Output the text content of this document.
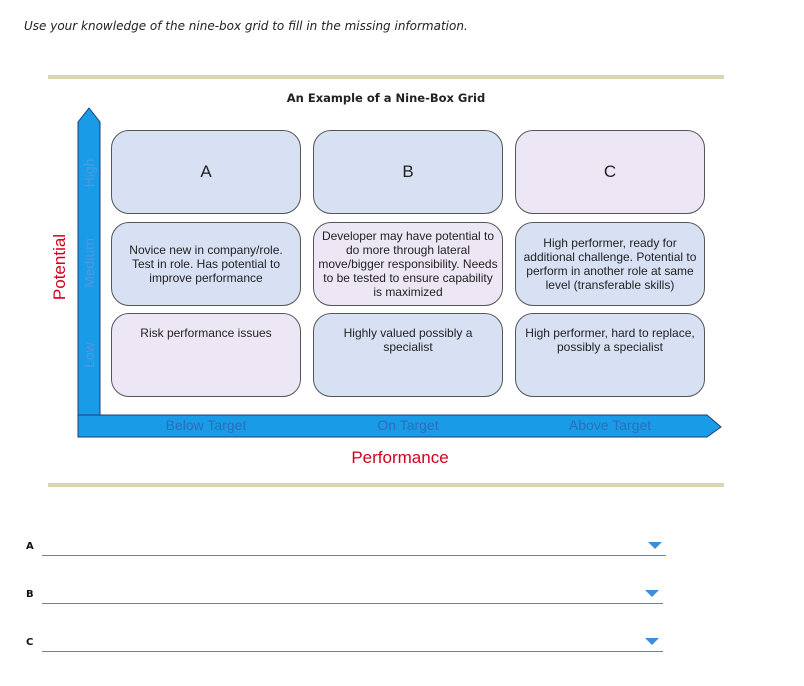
Use your knowledge of the nine-box grid to fill in the missing information.
An Example of a Nine-Box Grid
Potential
Performance
High
Medium
Low
Below Target	On Target	Above Target
A	B	C
Novice new in company/role. Test in role. Has potential to improve performance
Developer may have potential to do more through lateral move/bigger responsibility. Needs to be tested to ensure capability is maximized
High performer, ready for additional challenge. Potential to perform in another role at same level (transferable skills)
Risk performance issues	Highly valued possibly a specialist
High performer, hard to replace, possibly a specialist
A
B
C
